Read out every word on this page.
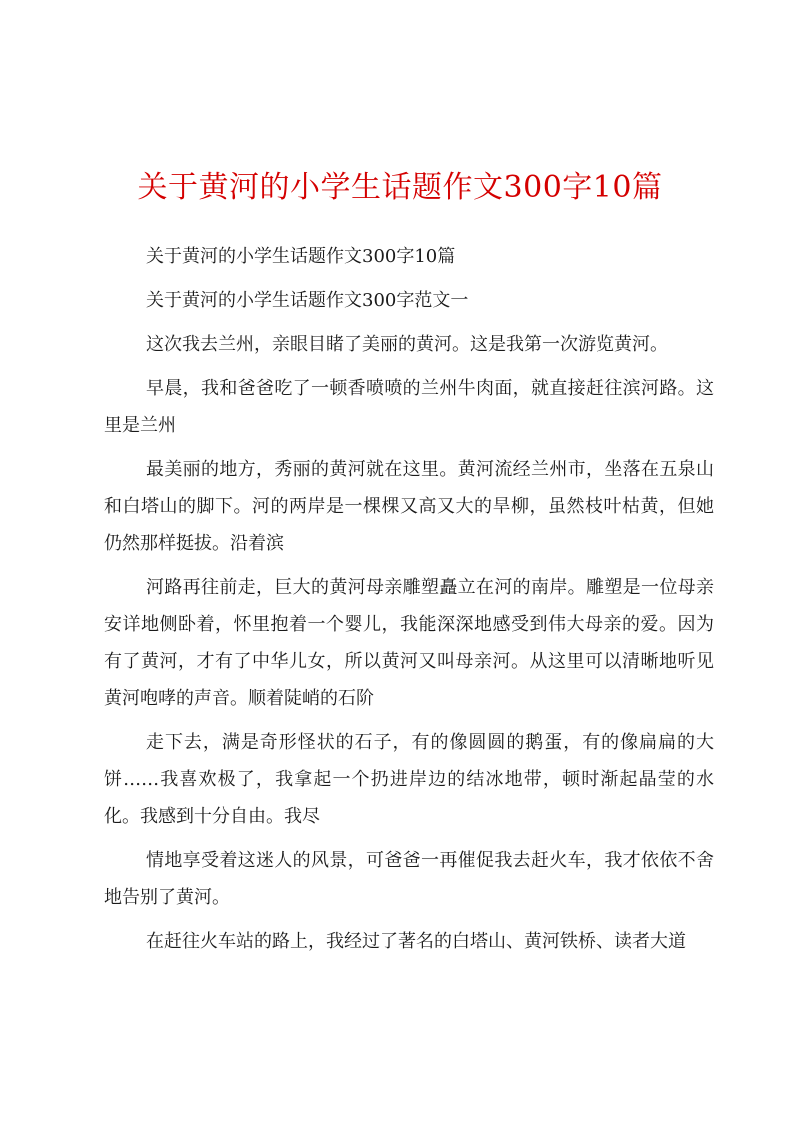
关于黄河的小学生话题作文300字10篇

关于黄河的小学生话题作文300字10篇

关于黄河的小学生话题作文300字范文一

这次我去兰州，亲眼目睹了美丽的黄河。这是我第一次游览黄河。

早晨，我和爸爸吃了一顿香喷喷的兰州牛肉面，就直接赶往滨河路。这里是兰州

最美丽的地方，秀丽的黄河就在这里。黄河流经兰州市，坐落在五泉山和白塔山的脚下。河的两岸是一棵棵又高又大的旱柳，虽然枝叶枯黄，但她仍然那样挺拔。沿着滨

河路再往前走，巨大的黄河母亲雕塑矗立在河的南岸。雕塑是一位母亲安详地侧卧着，怀里抱着一个婴儿，我能深深地感受到伟大母亲的爱。因为有了黄河，才有了中华儿女，所以黄河又叫母亲河。从这里可以清晰地听见黄河咆哮的声音。顺着陡峭的石阶

走下去，满是奇形怪状的石子，有的像圆圆的鹅蛋，有的像扁扁的大饼……我喜欢极了，我拿起一个扔进岸边的结冰地带，顿时渐起晶莹的水化。我感到十分自由。我尽

情地享受着这迷人的风景，可爸爸一再催促我去赶火车，我才依依不舍地告别了黄河。

在赶往火车站的路上，我经过了著名的白塔山、黄河铁桥、读者大道
